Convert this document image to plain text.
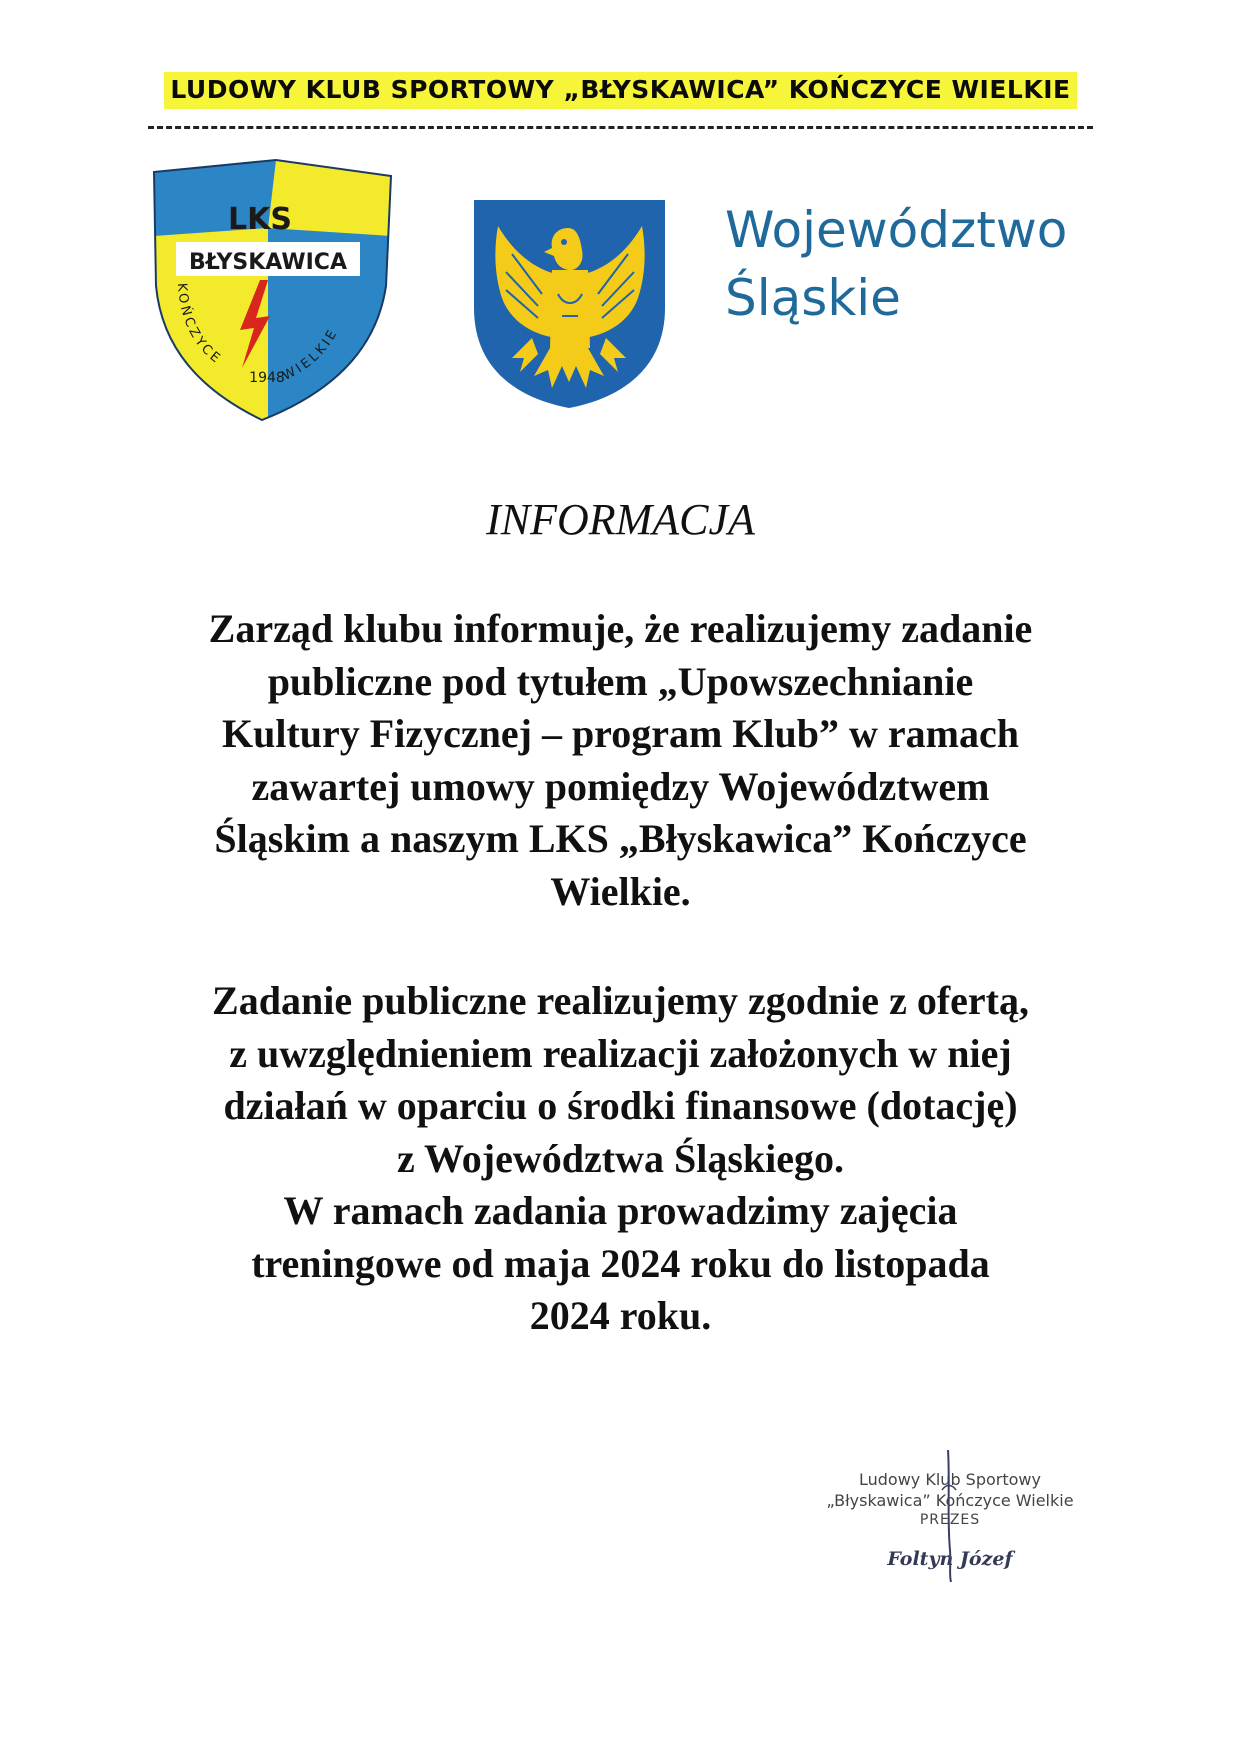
LUDOWY KLUB SPORTOWY „BŁYSKAWICA” KOŃCZYCE WIELKIE
LKS
BŁYSKAWICA
KOŃCZYCE
WIELKIE
1948
Województwo
Śląskie
INFORMACJA

Zarząd klubu informuje, że realizujemy zadanie
publiczne pod tytułem „Upowszechnianie
Kultury Fizycznej – program Klub” w ramach
zawartej umowy pomiędzy Województwem
Śląskim a naszym LKS „Błyskawica” Kończyce
Wielkie.

Zadanie publiczne realizujemy zgodnie z ofertą,
z uwzględnieniem realizacji założonych w niej
działań w oparciu o środki finansowe (dotację)
z Województwa Śląskiego.
W ramach zadania prowadzimy zajęcia
treningowe od maja 2024 roku do listopada
2024 roku.

Ludowy Klub Sportowy
„Błyskawica” Kończyce Wielkie
PREZES
Foltyn Józef
